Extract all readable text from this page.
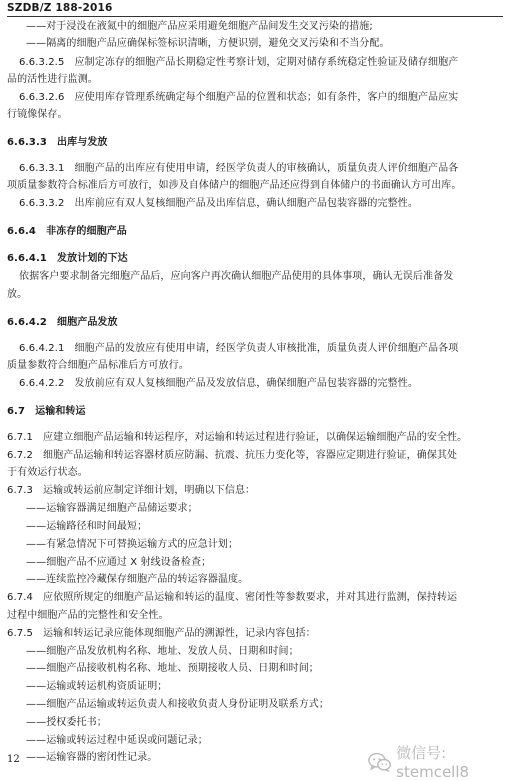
SZDB/Z 188-2016
——对于浸没在液氮中的细胞产品应采用避免细胞产品间发生交叉污染的措施;
——隔离的细胞产品应确保标签标识清晰，方便识别，避免交叉污染和不当分配。
6.6.3.2.5　应制定冻存的细胞产品长期稳定性考察计划，定期对储存系统稳定性验证及储存细胞产
品的活性进行监测。
6.6.3.2.6　应使用库存管理系统确定每个细胞产品的位置和状态；如有条件，客户的细胞产品应实
行镜像保存。
6.6.3.3　出库与发放
6.6.3.3.1　细胞产品的出库应有使用申请，经医学负责人的审核确认，质量负责人评价细胞产品各
项质量参数符合标准后方可放行，如涉及自体储户的细胞产品还应得到自体储户的书面确认方可出库。
6.6.3.3.2　出库前应有双人复核细胞产品及出库信息，确认细胞产品包装容器的完整性。
6.6.4　非冻存的细胞产品
6.6.4.1　发放计划的下达
依据客户要求制备完细胞产品后，应向客户再次确认细胞产品使用的具体事项，确认无误后准备发
放。
6.6.4.2　细胞产品发放
6.6.4.2.1　细胞产品的发放应有使用申请，经医学负责人审核批准，质量负责人评价细胞产品各项
质量参数符合细胞产品标准后方可放行。
6.6.4.2.2　发放前应有双人复核细胞产品及发放信息，确保细胞产品包装容器的完整性。
6.7　运输和转运
6.7.1　应建立细胞产品运输和转运程序，对运输和转运过程进行验证，以确保运输细胞产品的安全性。
6.7.2　细胞产品运输和转运容器材质应防漏、抗震、抗压力变化等，容器应定期进行验证，确保其处
于有效运行状态。
6.7.3　运输或转运前应制定详细计划，明确以下信息：
——运输容器满足细胞产品储运要求；
——运输路径和时间最短；
——有紧急情况下可替换运输方式的应急计划；
——细胞产品不应通过 X 射线设备检查；
——连续监控冷藏保存细胞产品的转运容器温度。
6.7.4　应依照所规定的细胞产品运输和转运的温度、密闭性等参数要求，并对其进行监测，保持转运
过程中细胞产品的完整性和安全性。
6.7.5　运输和转运记录应能体现细胞产品的溯源性，记录内容包括：
——细胞产品发放机构名称、地址、发放人员、日期和时间；
——细胞产品接收机构名称、地址、预期接收人员、日期和时间；
——运输或转运机构资质证明；
——细胞产品运输或转运负责人和接收负责人身份证明及联系方式；
——授权委托书；
——运输或转运过程中延误或问题记录；
——运输容器的密闭性记录。
12	微信号: stemcell8
